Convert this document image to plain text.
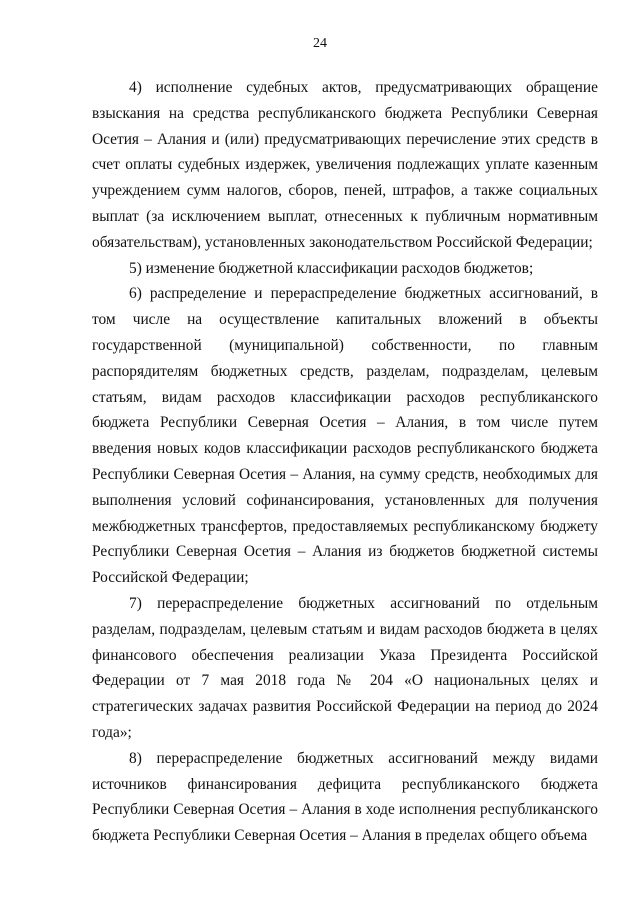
24

4) исполнение судебных актов, предусматривающих обращение взыскания на средства республиканского бюджета Республики Северная Осетия – Алания и (или) предусматривающих перечисление этих средств в счет оплаты судебных издержек, увеличения подлежащих уплате казенным учреждением сумм налогов, сборов, пеней, штрафов, а также социальных выплат (за исключением выплат, отнесенных к публичным нормативным обязательствам), установленных законодательством Российской Федерации;

5) изменение бюджетной классификации расходов бюджетов;

6) распределение и перераспределение бюджетных ассигнований, в том числе на осуществление капитальных вложений в объекты государственной (муниципальной) собственности, по главным распорядителям бюджетных средств, разделам, подразделам, целевым статьям, видам расходов классификации расходов республиканского бюджета Республики Северная Осетия – Алания, в том числе путем введения новых кодов классификации расходов республиканского бюджета Республики Северная Осетия – Алания, на сумму средств, необходимых для выполнения условий софинансирования, установленных для получения межбюджетных трансфертов, предоставляемых республиканскому бюджету Республики Северная Осетия – Алания из бюджетов бюджетной системы Российской Федерации;

7) перераспределение бюджетных ассигнований по отдельным разделам, подразделам, целевым статьям и видам расходов бюджета в целях финансового обеспечения реализации Указа Президента Российской Федерации от 7 мая 2018 года № 204 «О национальных целях и стратегических задачах развития Российской Федерации на период до 2024 года»;

8) перераспределение бюджетных ассигнований между видами источников финансирования дефицита республиканского бюджета Республики Северная Осетия – Алания в ходе исполнения республиканского бюджета Республики Северная Осетия – Алания в пределах общего объема
